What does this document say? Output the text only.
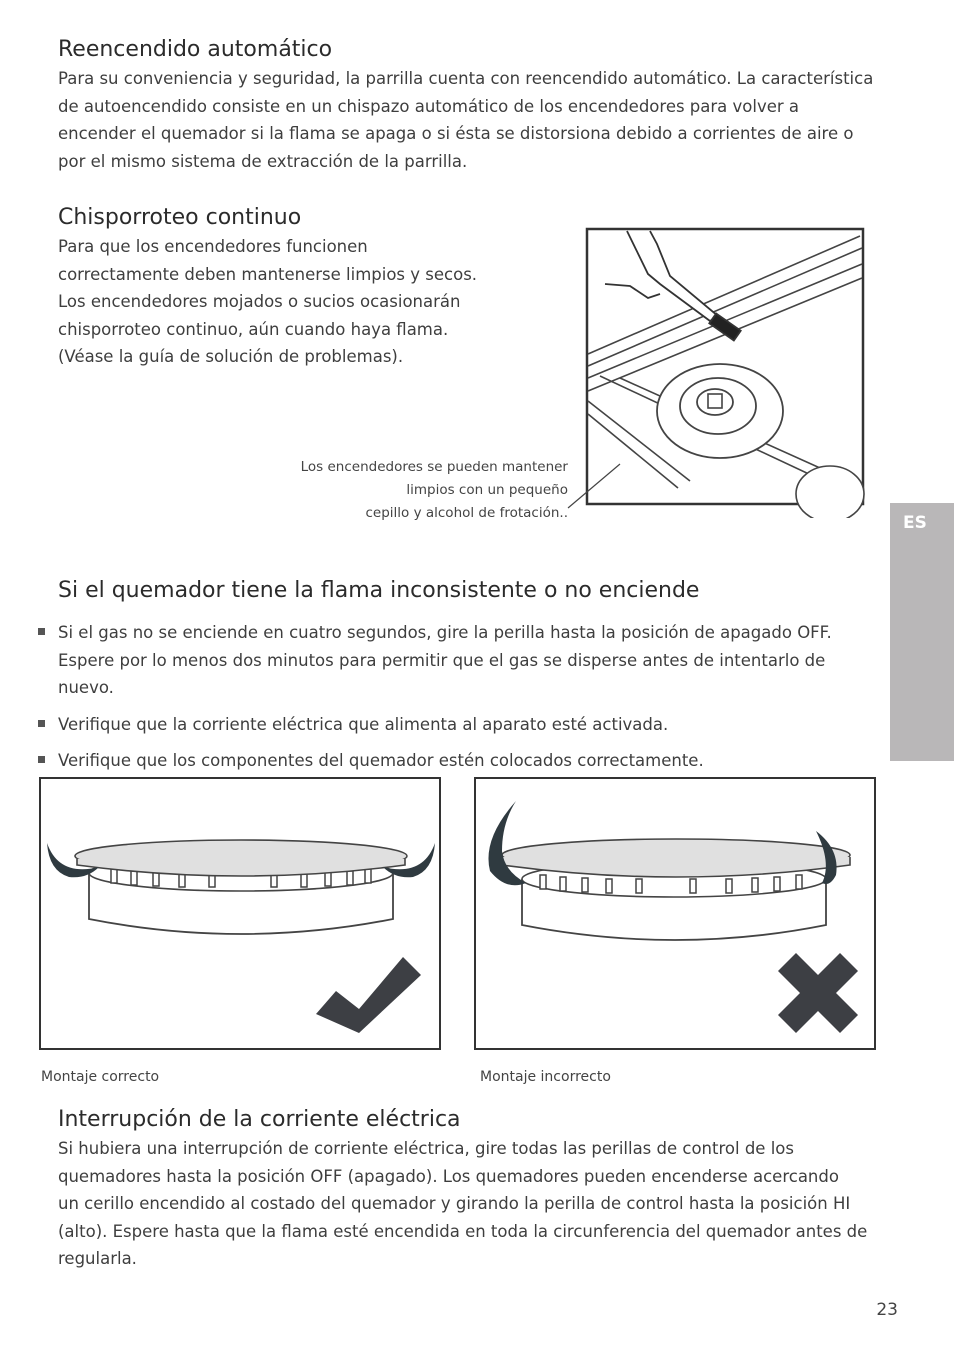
Reencendido automático
Para su conveniencia y seguridad, la parrilla cuenta con reencendido automático. La característica
de autoencendido consiste en un chispazo automático de los encendedores para volver a
encender el quemador si la flama se apaga o si ésta se distorsiona debido a corrientes de aire o
por el mismo sistema de extracción de la parrilla.
Chisporroteo continuo
Para que los encendedores funcionen
correctamente deben mantenerse limpios y secos.
Los encendedores mojados o sucios ocasionarán
chisporroteo continuo, aún cuando haya flama.
(Véase la guía de solución de problemas).
Los encendedores se pueden mantener
limpios con un pequeño
cepillo y alcohol de frotación..
Si el quemador tiene la flama inconsistente o no enciende
Si el gas no se enciende en cuatro segundos, gire la perilla hasta la posición de apagado OFF. Espere por lo menos dos minutos para permitir que el gas se disperse antes de intentarlo de nuevo.
Verifique que la corriente eléctrica que alimenta al aparato esté activada.
Verifique que los componentes del quemador estén colocados correctamente.
Montaje correcto	Montaje incorrecto
Interrupción de la corriente eléctrica
Si hubiera una interrupción de corriente eléctrica, gire todas las perillas de control de los
quemadores hasta la posición OFF (apagado). Los quemadores pueden encenderse acercando
un cerillo encendido al costado del quemador y girando la perilla de control hasta la posición HI
(alto). Espere hasta que la flama esté encendida en toda la circunferencia del quemador antes de
regularla.
ES
23
